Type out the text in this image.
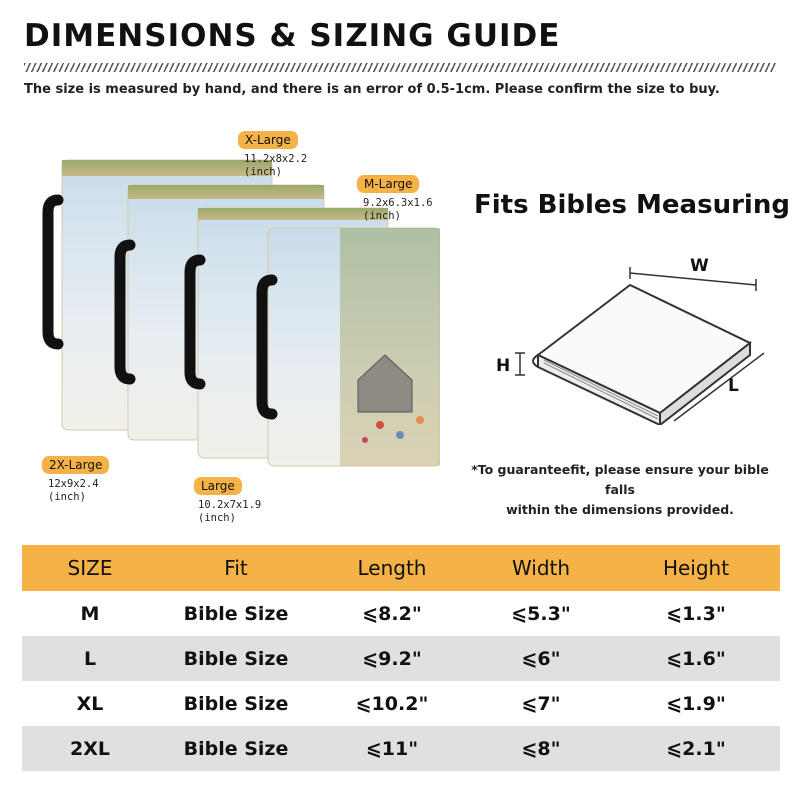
DIMENSIONS & SIZING GUIDE
The size is measured by hand, and there is an error of 0.5-1cm. Please confirm the size to buy.
X-Large
11.2x8x2.2
(inch)
M-Large
9.2x6.3x1.6
(inch)
2X-Large
12x9x2.4
(inch)
Large
10.2x7x1.9
(inch)
Fits Bibles Measuring
W
H
L
*To guaranteefit, please ensure your bible falls
within the dimensions provided.
SIZE	Fit	Length	Width	Height
M	Bible Size	⩽8.2"	⩽5.3"	⩽1.3"
L	Bible Size	⩽9.2"	⩽6"	⩽1.6"
XL	Bible Size	⩽10.2"	⩽7"	⩽1.9"
2XL	Bible Size	⩽11"	⩽8"	⩽2.1"
